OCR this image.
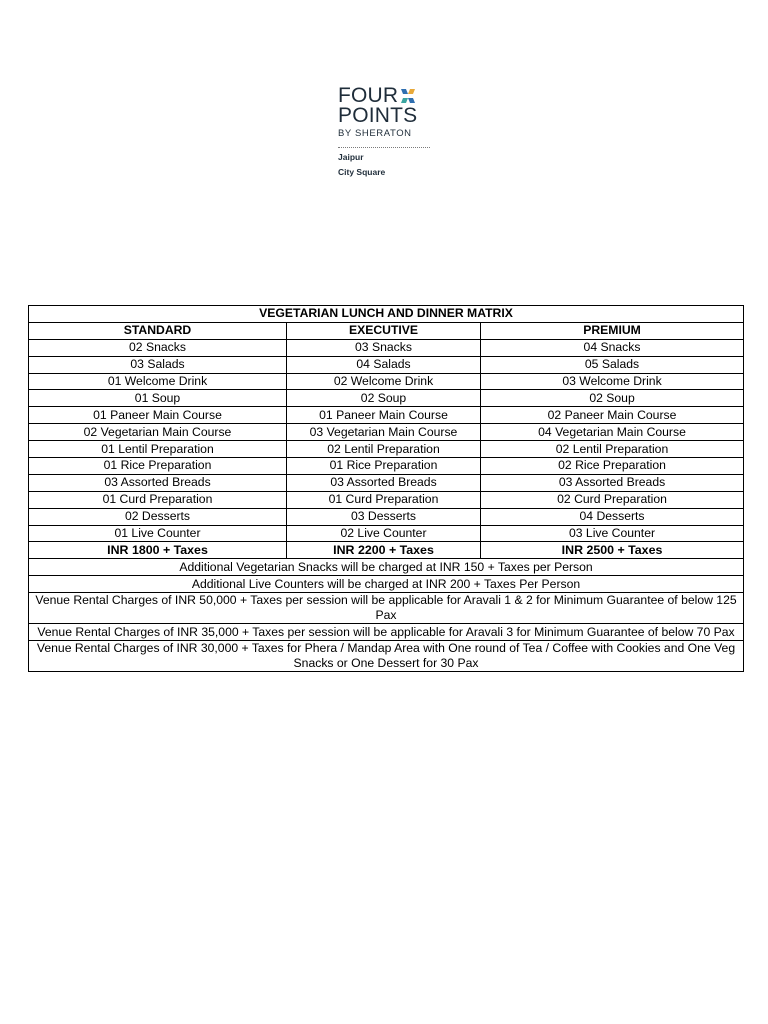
FOUR
POINTS
BY SHERATON
Jaipur
City Square
VEGETARIAN LUNCH AND DINNER MATRIX		
STANDARD	EXECUTIVE	PREMIUM
02 Snacks	03 Snacks	04 Snacks
03 Salads	04 Salads	05 Salads
01 Welcome Drink	02 Welcome Drink	03 Welcome Drink
01 Soup	02 Soup	02 Soup
01 Paneer Main Course	01 Paneer Main Course	02 Paneer Main Course
02 Vegetarian Main Course	03 Vegetarian Main Course	04 Vegetarian Main Course
01 Lentil Preparation	02 Lentil Preparation	02 Lentil Preparation
01 Rice Preparation	01 Rice Preparation	02 Rice Preparation
03 Assorted Breads	03 Assorted Breads	03 Assorted Breads
01 Curd Preparation	01 Curd Preparation	02 Curd Preparation
02 Desserts	03 Desserts	04 Desserts
01 Live Counter	02 Live Counter	03 Live Counter
INR 1800 + Taxes	INR 2200 + Taxes	INR 2500 + Taxes
Additional Vegetarian Snacks will be charged at INR 150 + Taxes per Person		
Additional Live Counters will be charged at INR 200 + Taxes Per Person		
Venue Rental Charges of INR 50,000 + Taxes per session will be applicable for Aravali 1 & 2 for Minimum Guarantee of below 125 Pax		
Venue Rental Charges of INR 35,000 + Taxes per session will be applicable for Aravali 3 for Minimum Guarantee of below 70 Pax		
Venue Rental Charges of INR 30,000 + Taxes for Phera / Mandap Area with One round of Tea / Coffee with Cookies and One Veg Snacks or One Dessert for 30 Pax		
